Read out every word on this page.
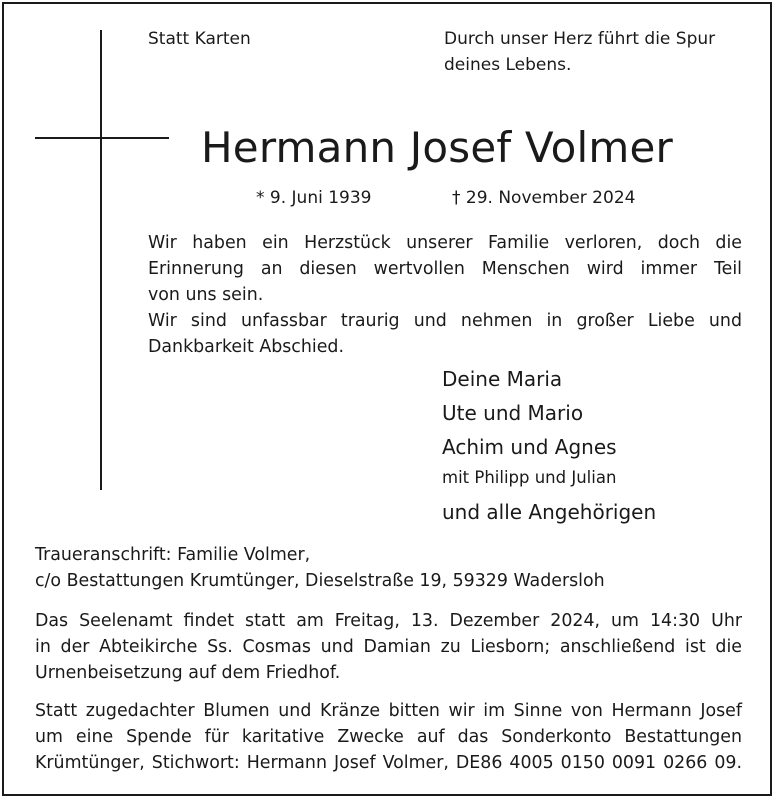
Statt Karten	Durch unser Herz führt die Spur
deines Lebens.
Hermann Josef Volmer
* 9. Juni 1939	† 29. November 2024
Wir haben ein Herzstück unserer Familie verloren, doch die
Erinnerung an diesen wertvollen Menschen wird immer Teil
von uns sein.
Wir sind unfassbar traurig und nehmen in großer Liebe und
Dankbarkeit Abschied.
Deine Maria
Ute und Mario
Achim und Agnes
mit Philipp und Julian
und alle Angehörigen
Traueranschrift: Familie Volmer,
c/o Bestattungen Krumtünger, Dieselstraße 19, 59329 Wadersloh
Das Seelenamt findet statt am Freitag, 13. Dezember 2024, um 14:30 Uhr
in der Abteikirche Ss. Cosmas und Damian zu Liesborn; anschließend ist die
Urnenbeisetzung auf dem Friedhof.
Statt zugedachter Blumen und Kränze bitten wir im Sinne von Hermann Josef
um eine Spende für karitative Zwecke auf das Sonderkonto Bestattungen
Krümtünger, Stichwort: Hermann Josef Volmer, DE86 4005 0150 0091 0266 09.
